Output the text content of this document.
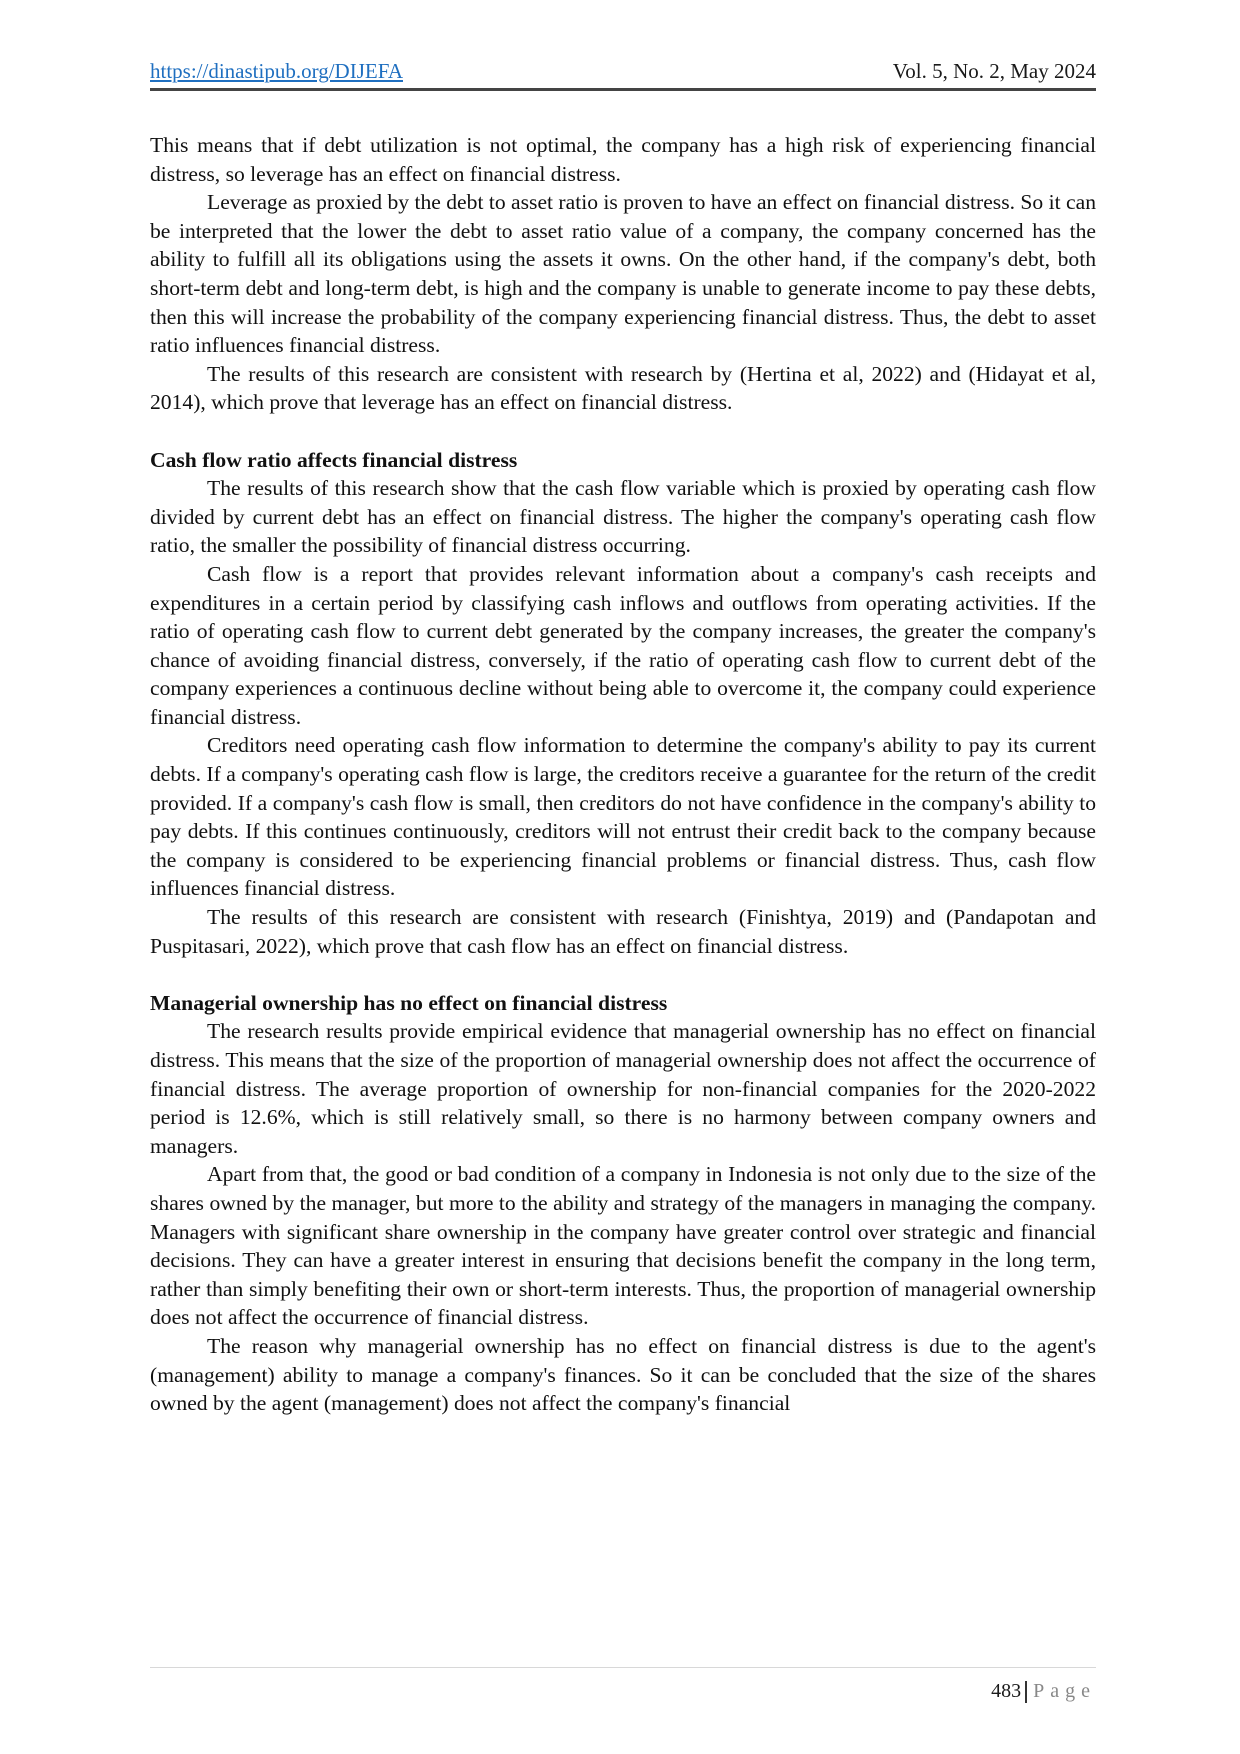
https://dinastipub.org/DIJEFA	Vol. 5, No. 2, May 2024

This means that if debt utilization is not optimal, the company has a high risk of experiencing financial distress, so leverage has an effect on financial distress.

Leverage as proxied by the debt to asset ratio is proven to have an effect on financial distress. So it can be interpreted that the lower the debt to asset ratio value of a company, the company concerned has the ability to fulfill all its obligations using the assets it owns. On the other hand, if the company's debt, both short-term debt and long-term debt, is high and the company is unable to generate income to pay these debts, then this will increase the probability of the company experiencing financial distress. Thus, the debt to asset ratio influences financial distress.

The results of this research are consistent with research by (Hertina et al, 2022) and (Hidayat et al, 2014), which prove that leverage has an effect on financial distress.

Cash flow ratio affects financial distress

The results of this research show that the cash flow variable which is proxied by operating cash flow divided by current debt has an effect on financial distress. The higher the company's operating cash flow ratio, the smaller the possibility of financial distress occurring.

Cash flow is a report that provides relevant information about a company's cash receipts and expenditures in a certain period by classifying cash inflows and outflows from operating activities. If the ratio of operating cash flow to current debt generated by the company increases, the greater the company's chance of avoiding financial distress, conversely, if the ratio of operating cash flow to current debt of the company experiences a continuous decline without being able to overcome it, the company could experience financial distress.

Creditors need operating cash flow information to determine the company's ability to pay its current debts. If a company's operating cash flow is large, the creditors receive a guarantee for the return of the credit provided. If a company's cash flow is small, then creditors do not have confidence in the company's ability to pay debts. If this continues continuously, creditors will not entrust their credit back to the company because the company is considered to be experiencing financial problems or financial distress. Thus, cash flow influences financial distress.

The results of this research are consistent with research (Finishtya, 2019) and (Pandapotan and Puspitasari, 2022), which prove that cash flow has an effect on financial distress.

Managerial ownership has no effect on financial distress

The research results provide empirical evidence that managerial ownership has no effect on financial distress. This means that the size of the proportion of managerial ownership does not affect the occurrence of financial distress. The average proportion of ownership for non-financial companies for the 2020-2022 period is 12.6%, which is still relatively small, so there is no harmony between company owners and managers.

Apart from that, the good or bad condition of a company in Indonesia is not only due to the size of the shares owned by the manager, but more to the ability and strategy of the managers in managing the company. Managers with significant share ownership in the company have greater control over strategic and financial decisions. They can have a greater interest in ensuring that decisions benefit the company in the long term, rather than simply benefiting their own or short-term interests. Thus, the proportion of managerial ownership does not affect the occurrence of financial distress.

The reason why managerial ownership has no effect on financial distress is due to the agent's (management) ability to manage a company's finances. So it can be concluded that the size of the shares owned by the agent (management) does not affect the company's financial

483 Page
